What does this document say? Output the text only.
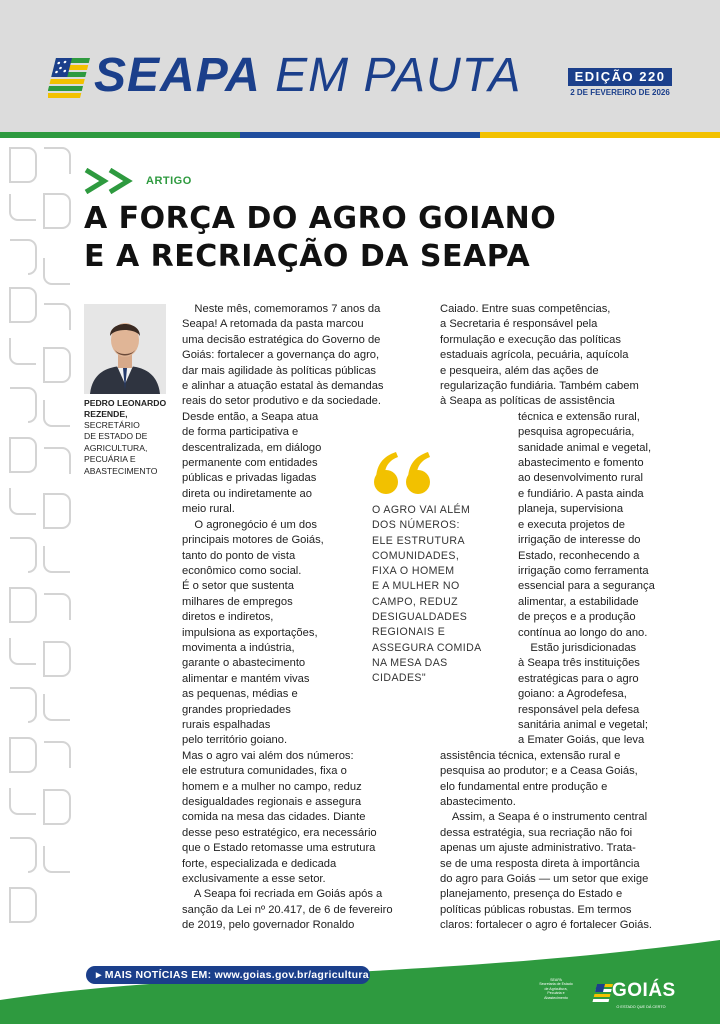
SEAPA EM PAUTA	EDIÇÃO 220
2 DE FEVEREIRO DE 2026
ARTIGO
A FORÇA DO AGRO GOIANO
E A RECRIAÇÃO DA SEAPA
PEDRO LEONARDO
REZENDE,
SECRETÁRIO
DE ESTADO DE
AGRICULTURA,
PECUÁRIA E
ABASTECIMENTO

Neste mês, comemoramos 7 anos da

Seapa! A retomada da pasta marcou

uma decisão estratégica do Governo de

Goiás: fortalecer a governança do agro,

dar mais agilidade às políticas públicas

e alinhar a atuação estatal às demandas

reais do setor produtivo e da sociedade.

Desde então, a Seapa atua

de forma participativa e

descentralizada, em diálogo

permanente com entidades

públicas e privadas ligadas

direta ou indiretamente ao

meio rural.

O agronegócio é um dos

principais motores de Goiás,

tanto do ponto de vista

econômico como social.

É o setor que sustenta

milhares de empregos

diretos e indiretos,

impulsiona as exportações,

movimenta a indústria,

garante o abastecimento

alimentar e mantém vivas

as pequenas, médias e

grandes propriedades

rurais espalhadas

pelo território goiano.

Mas o agro vai além dos números:

ele estrutura comunidades, fixa o

homem e a mulher no campo, reduz

desigualdades regionais e assegura

comida na mesa das cidades. Diante

desse peso estratégico, era necessário

que o Estado retomasse uma estrutura

forte, especializada e dedicada

exclusivamente a esse setor.

A Seapa foi recriada em Goiás após a

sanção da Lei nº 20.417, de 6 de fevereiro

de 2019, pelo governador Ronaldo

Caiado. Entre suas competências,

a Secretaria é responsável pela

formulação e execução das políticas

estaduais agrícola, pecuária, aquícola

e pesqueira, além das ações de

regularização fundiária. Também cabem

à Seapa as políticas de assistência

técnica e extensão rural,

pesquisa agropecuária,

sanidade animal e vegetal,

abastecimento e fomento

ao desenvolvimento rural

e fundiário. A pasta ainda

planeja, supervisiona

e executa projetos de

irrigação de interesse do

Estado, reconhecendo a

irrigação como ferramenta

essencial para a segurança

alimentar, a estabilidade

de preços e a produção

contínua ao longo do ano.

Estão jurisdicionadas

à Seapa três instituições

estratégicas para o agro

goiano: a Agrodefesa,

responsável pela defesa

sanitária animal e vegetal;

a Emater Goiás, que leva

assistência técnica, extensão rural e

pesquisa ao produtor; e a Ceasa Goiás,

elo fundamental entre produção e

abastecimento.

Assim, a Seapa é o instrumento central

dessa estratégia, sua recriação não foi

apenas um ajuste administrativo. Trata-

se de uma resposta direta à importância

do agro para Goiás — um setor que exige

planejamento, presença do Estado e

políticas públicas robustas. Em termos

claros: fortalecer o agro é fortalecer Goiás.

O AGRO VAI ALÉM
DOS NÚMEROS:
ELE ESTRUTURA
COMUNIDADES,
FIXA O HOMEM
E A MULHER NO
CAMPO, REDUZ
DESIGUALDADES
REGIONAIS E
ASSEGURA COMIDA
NA MESA DAS
CIDADES"
▸ MAIS NOTÍCIAS EM: www.goias.gov.br/agricultura	SEAPA
Secretaria de Estado
de Agricultura,
Pecuária e
Abastecimento	GOIÁS
O ESTADO QUE DÁ CERTO
